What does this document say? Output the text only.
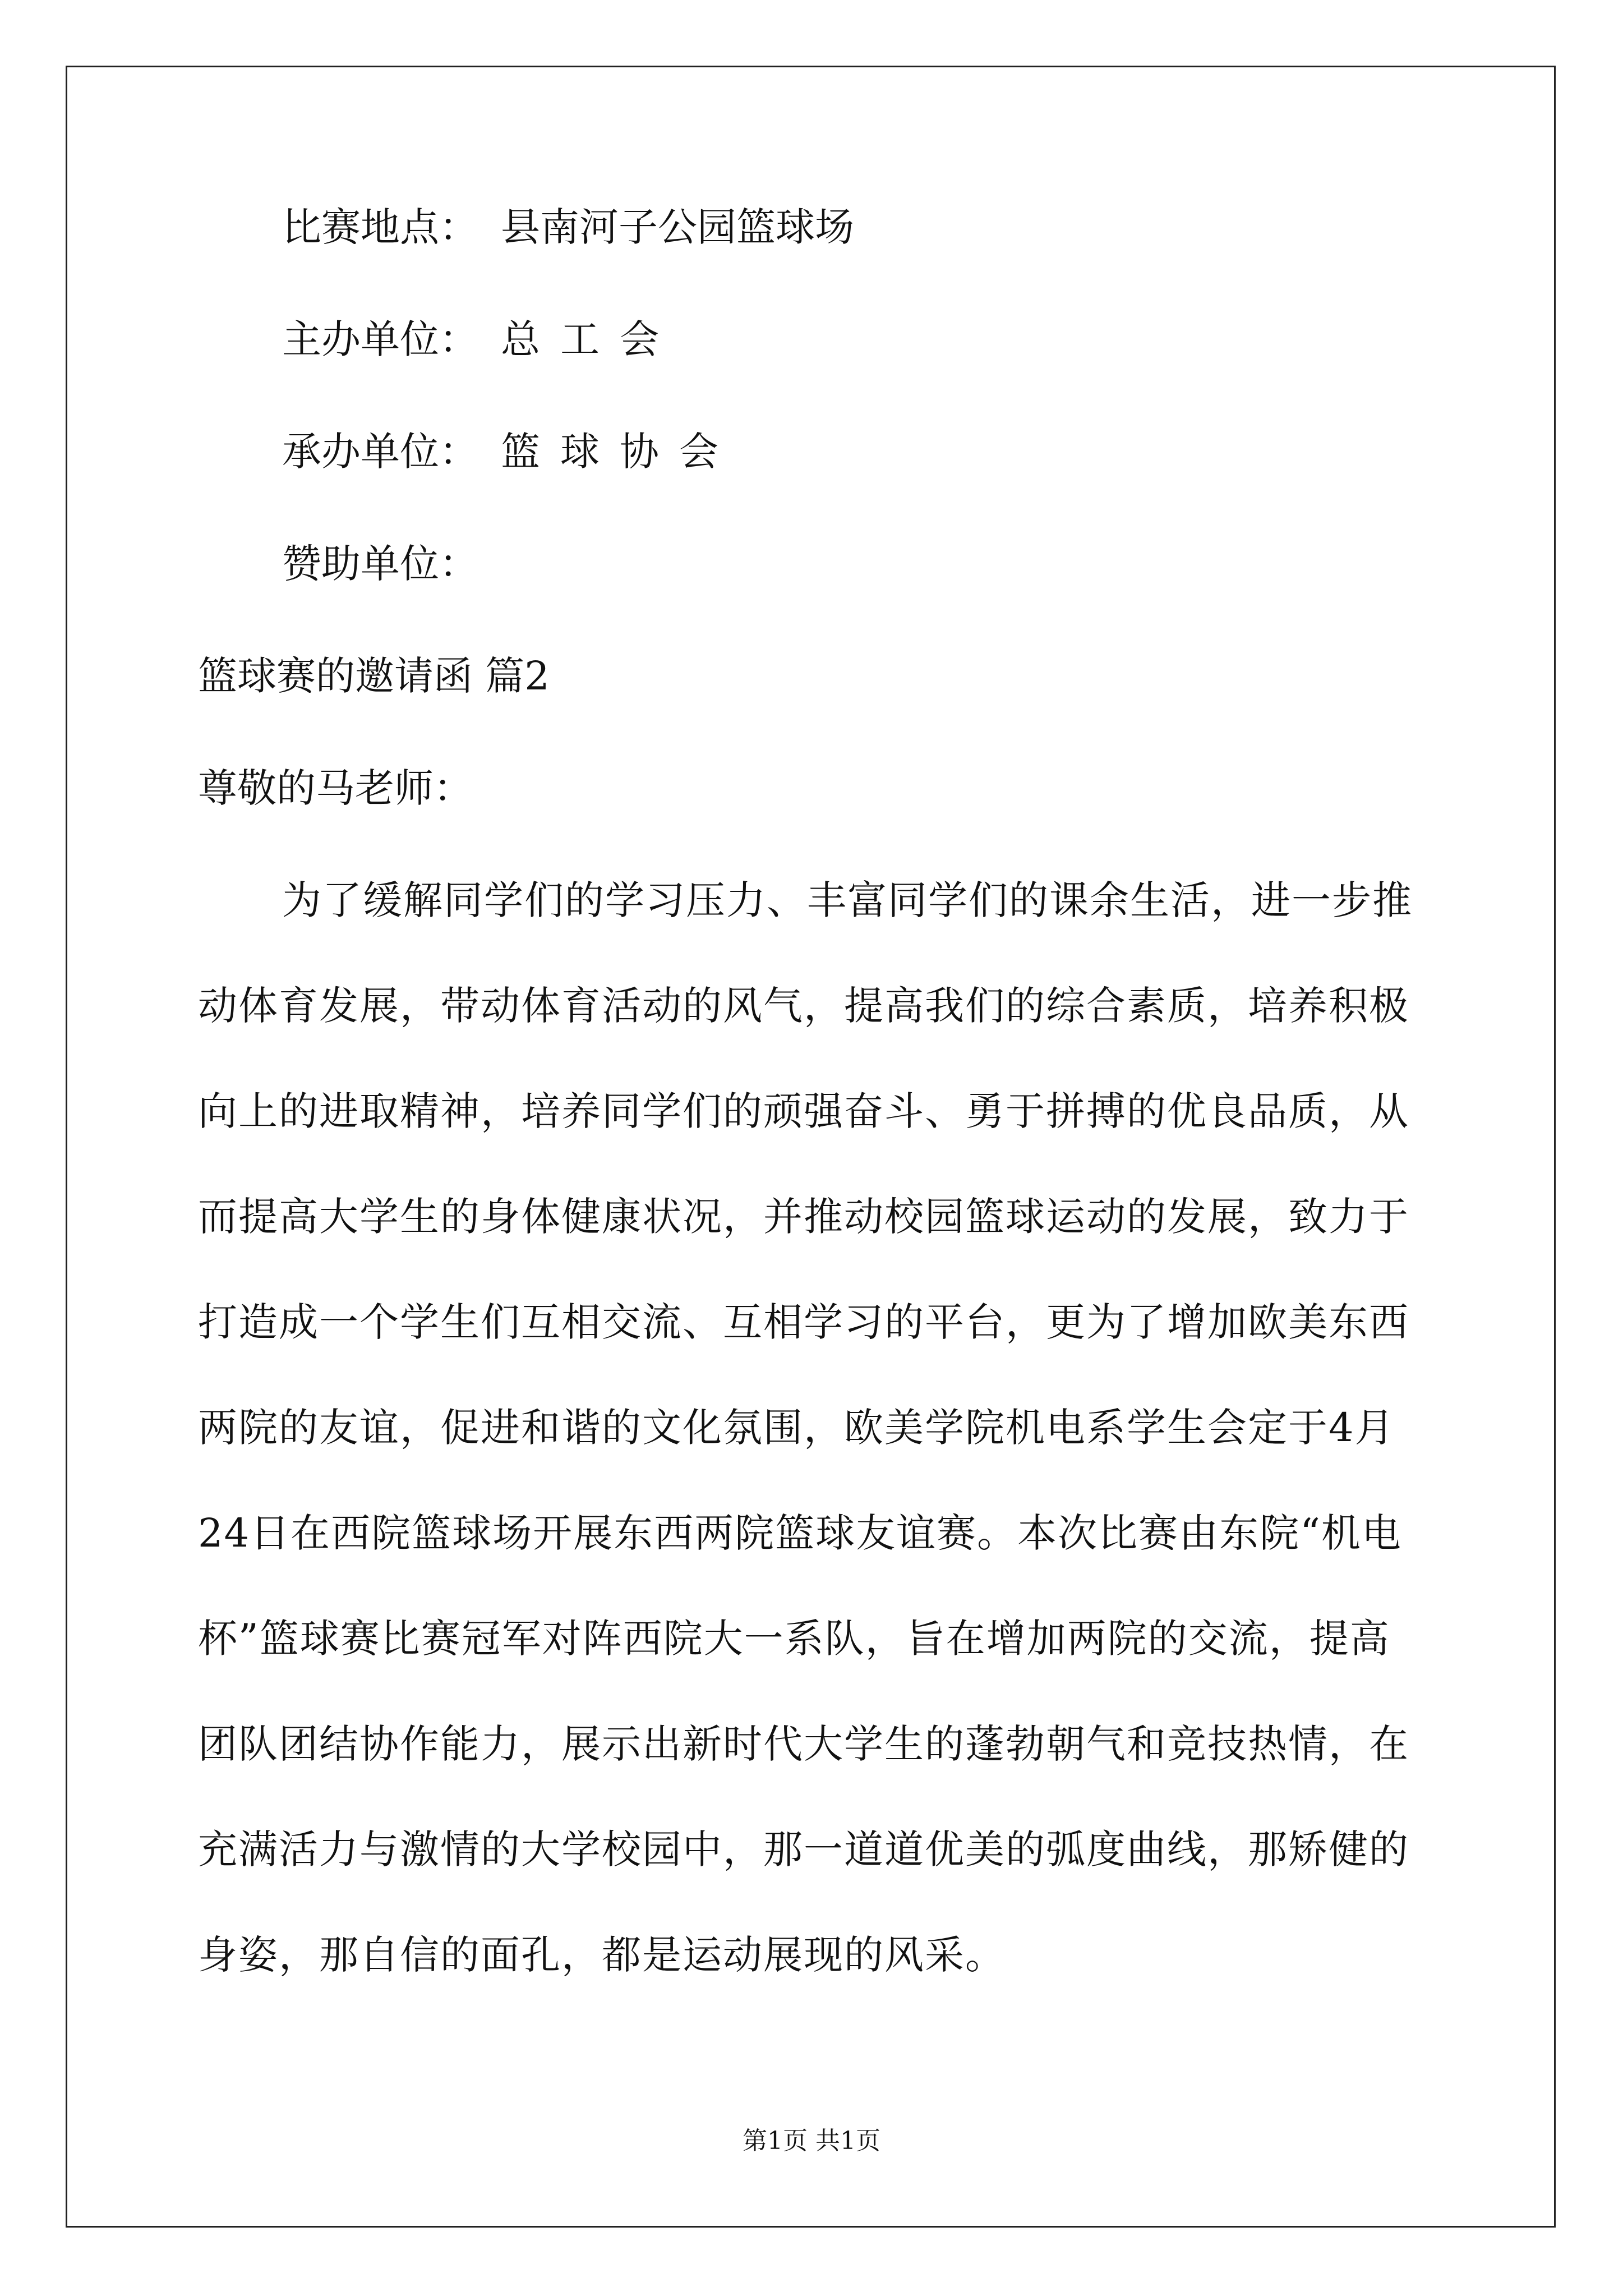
比赛地点： 县南河子公园篮球场
主办单位： 总工会
承办单位： 篮球协会
赞助单位：
篮球赛的邀请函 篇2
尊敬的马老师：
为了缓解同学们的学习压力、丰富同学们的课余生活，进一步推
动体育发展，带动体育活动的风气，提高我们的综合素质，培养积极
向上的进取精神，培养同学们的顽强奋斗、勇于拼搏的优良品质，从
而提高大学生的身体健康状况，并推动校园篮球运动的发展，致力于
打造成一个学生们互相交流、互相学习的平台，更为了增加欧美东西
两院的友谊，促进和谐的文化氛围，欧美学院机电系学生会定于4月
24日在西院篮球场开展东西两院篮球友谊赛。本次比赛由东院“机电
杯”篮球赛比赛冠军对阵西院大一系队，旨在增加两院的交流，提高
团队团结协作能力，展示出新时代大学生的蓬勃朝气和竞技热情，在
充满活力与激情的大学校园中，那一道道优美的弧度曲线，那矫健的
身姿，那自信的面孔，都是运动展现的风采。
第1页 共1页
